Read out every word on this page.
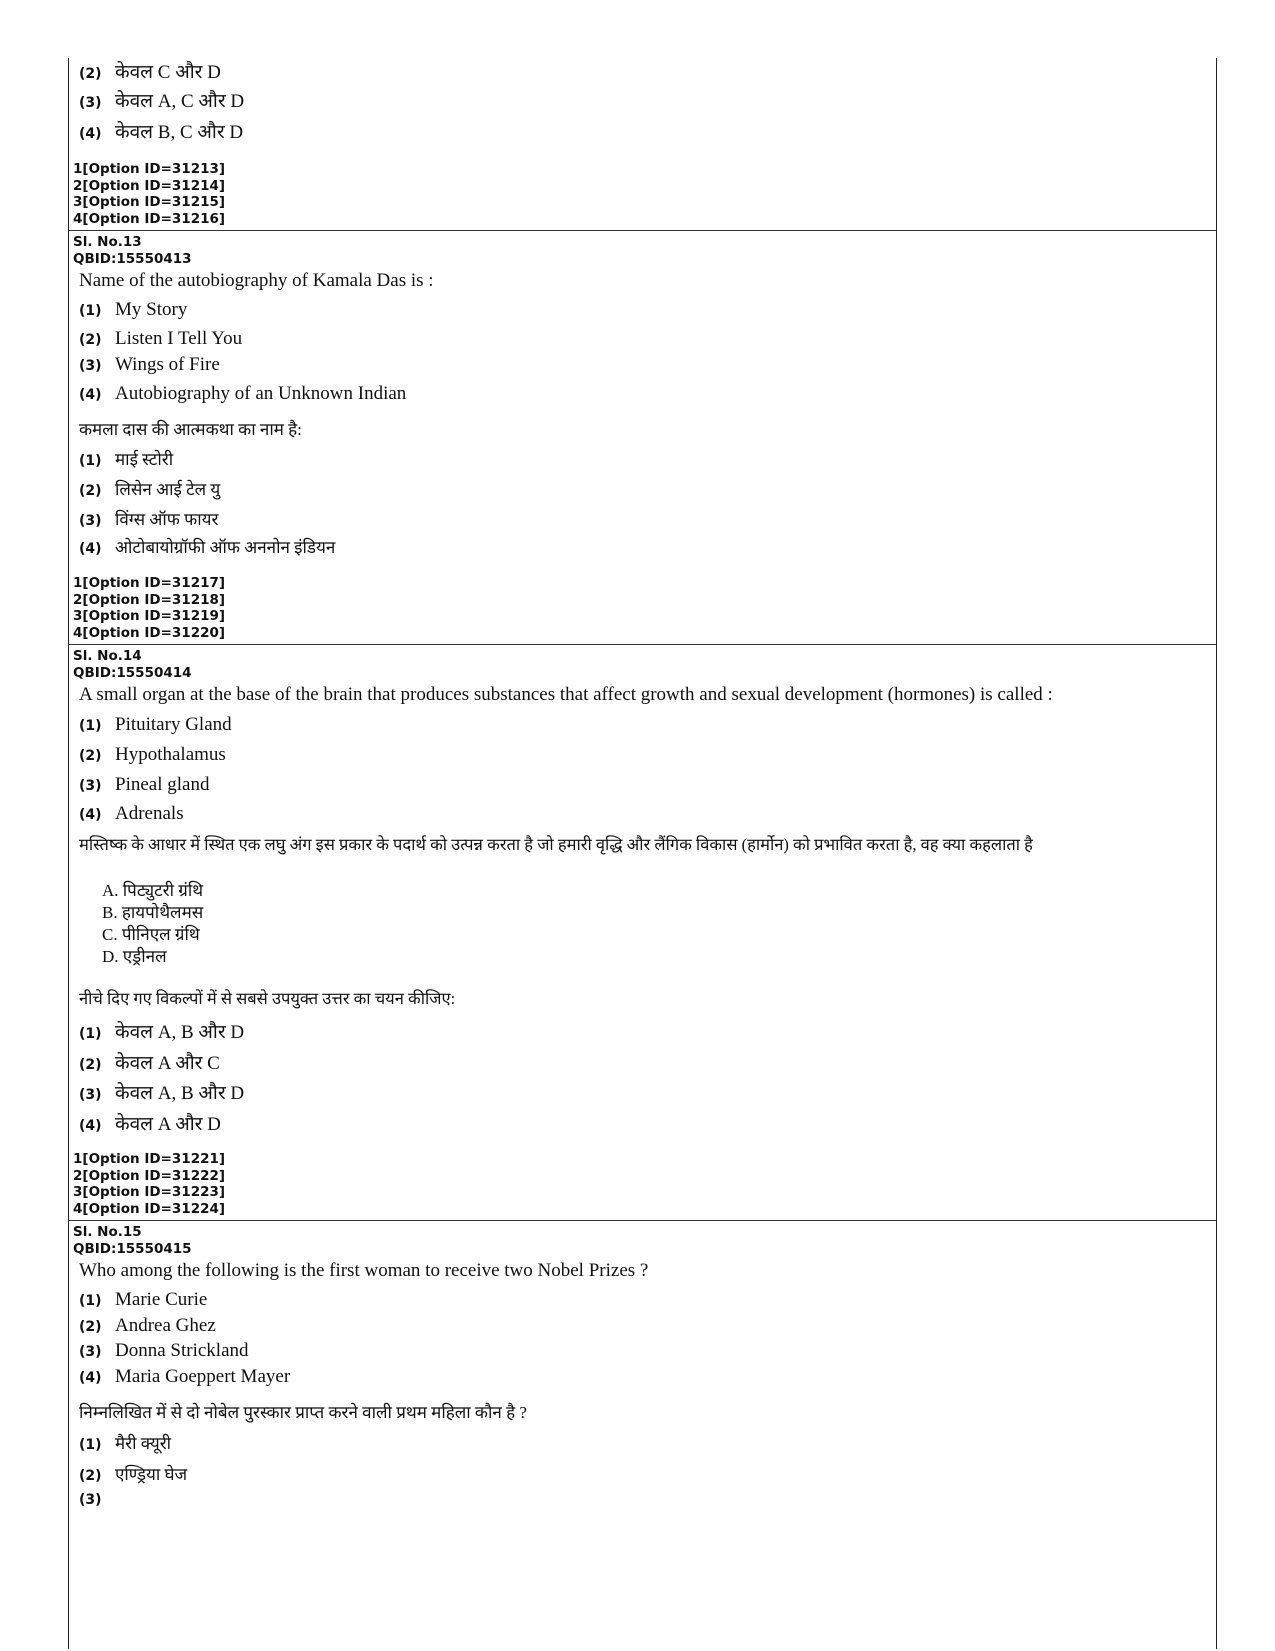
(2) केवल C और D
(3) केवल A, C और D
(4) केवल B, C और D
1[Option ID=31213]
2[Option ID=31214]
3[Option ID=31215]
4[Option ID=31216]
Sl. No.13
QBID:15550413
Name of the autobiography of Kamala Das is :
(1) My Story
(2) Listen I Tell You
(3) Wings of Fire
(4) Autobiography of an Unknown Indian
कमला दास की आत्मकथा का नाम है:
(1) माई स्टोरी
(2) लिसेन आई टेल यु
(3) विंग्स ऑफ फायर
(4) ओटोबायोग्रॉफी ऑफ अननोन इंडियन
1[Option ID=31217]
2[Option ID=31218]
3[Option ID=31219]
4[Option ID=31220]
Sl. No.14
QBID:15550414
A small organ at the base of the brain that produces substances that affect growth and sexual development (hormones) is called :
(1) Pituitary Gland
(2) Hypothalamus
(3) Pineal gland
(4) Adrenals
मस्तिष्क के आधार में स्थित एक लघु अंग इस प्रकार के पदार्थ को उत्पन्न करता है जो हमारी वृद्धि और लैंगिक विकास (हार्मोन) को प्रभावित करता है, वह क्या कहलाता है
A. पिट्युटरी ग्रंथि
B. हायपोथैलमस
C. पीनिएल ग्रंथि
D. एड्रीनल
नीचे दिए गए विकल्पों में से सबसे उपयुक्त उत्तर का चयन कीजिए:
(1) केवल A, B और D
(2) केवल A और C
(3) केवल A, B और D
(4) केवल A और D
1[Option ID=31221]
2[Option ID=31222]
3[Option ID=31223]
4[Option ID=31224]
Sl. No.15
QBID:15550415
Who among the following is the first woman to receive two Nobel Prizes ?
(1) Marie Curie
(2) Andrea Ghez
(3) Donna Strickland
(4) Maria Goeppert Mayer
निम्नलिखित में से दो नोबेल पुरस्कार प्राप्त करने वाली प्रथम महिला कौन है ?
(1) मैरी क्यूरी
(2) एण्ड्रिया घेज
(3)
